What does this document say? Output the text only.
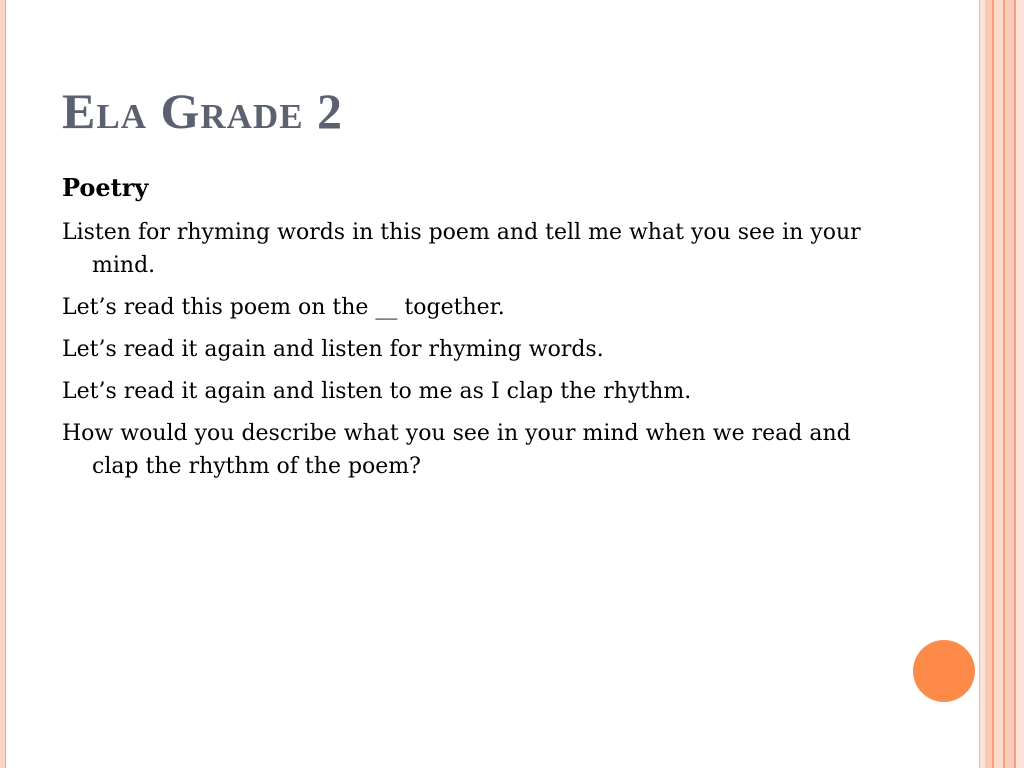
Ela Grade 2
Poetry

Listen for rhyming words in this poem and tell me what you see in your mind.

Let’s read this poem on the __ together.

Let’s read it again and listen for rhyming words.

Let’s read it again and listen to me as I clap the rhythm.

How would you describe what you see in your mind when we read and clap the rhythm of the poem?
